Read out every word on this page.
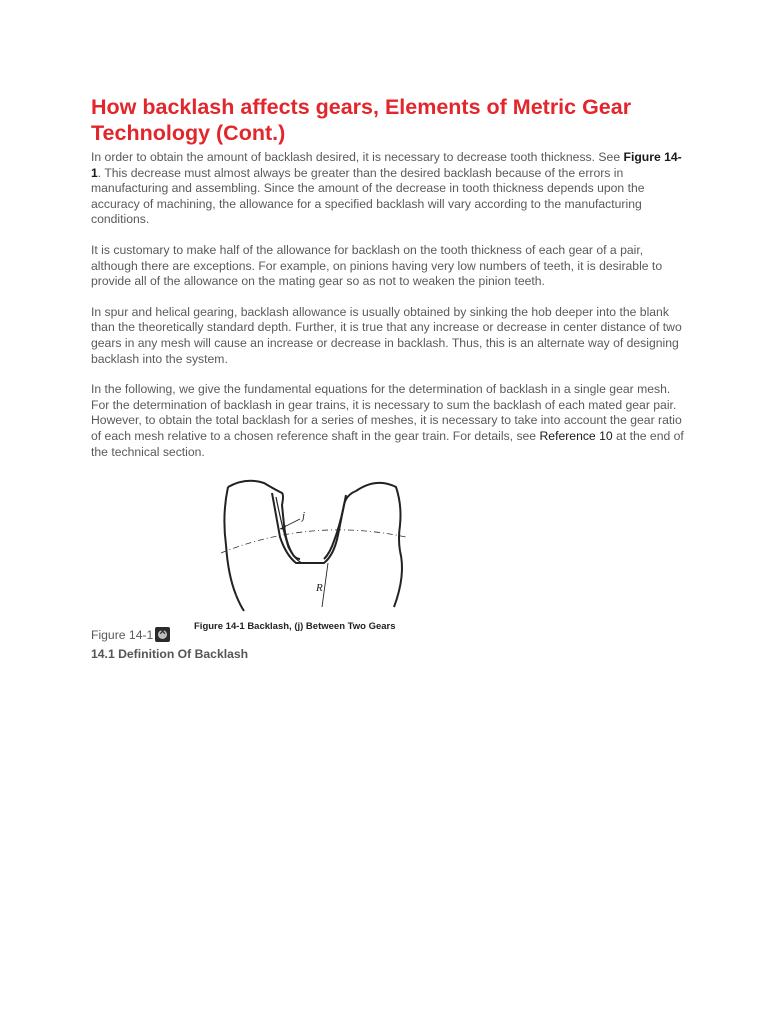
How backlash affects gears, Elements of Metric Gear Technology (Cont.)

In order to obtain the amount of backlash desired, it is necessary to decrease tooth thickness. See Figure 14-1. This decrease must almost always be greater than the desired backlash because of the errors in manufacturing and assembling. Since the amount of the decrease in tooth thickness depends upon the accuracy of machining, the allowance for a specified backlash will vary according to the manufacturing conditions.

It is customary to make half of the allowance for backlash on the tooth thickness of each gear of a pair, although there are exceptions. For example, on pinions having very low numbers of teeth, it is desirable to provide all of the allowance on the mating gear so as not to weaken the pinion teeth.

In spur and helical gearing, backlash allowance is usually obtained by sinking the hob deeper into the blank than the theoretically standard depth. Further, it is true that any increase or decrease in center distance of two gears in any mesh will cause an increase or decrease in backlash. Thus, this is an alternate way of designing backlash into the system.

In the following, we give the fundamental equations for the determination of backlash in a single gear mesh. For the determination of backlash in gear trains, it is necessary to sum the backlash of each mated gear pair. However, to obtain the total backlash for a series of meshes, it is necessary to take into account the gear ratio of each mesh relative to a chosen reference shaft in the gear train. For details, see Reference 10 at the end of the technical section.

j
R
Figure 14-1
×
Figure 14-1 Backlash, (j) Between Two Gears
14.1 Definition Of Backlash
